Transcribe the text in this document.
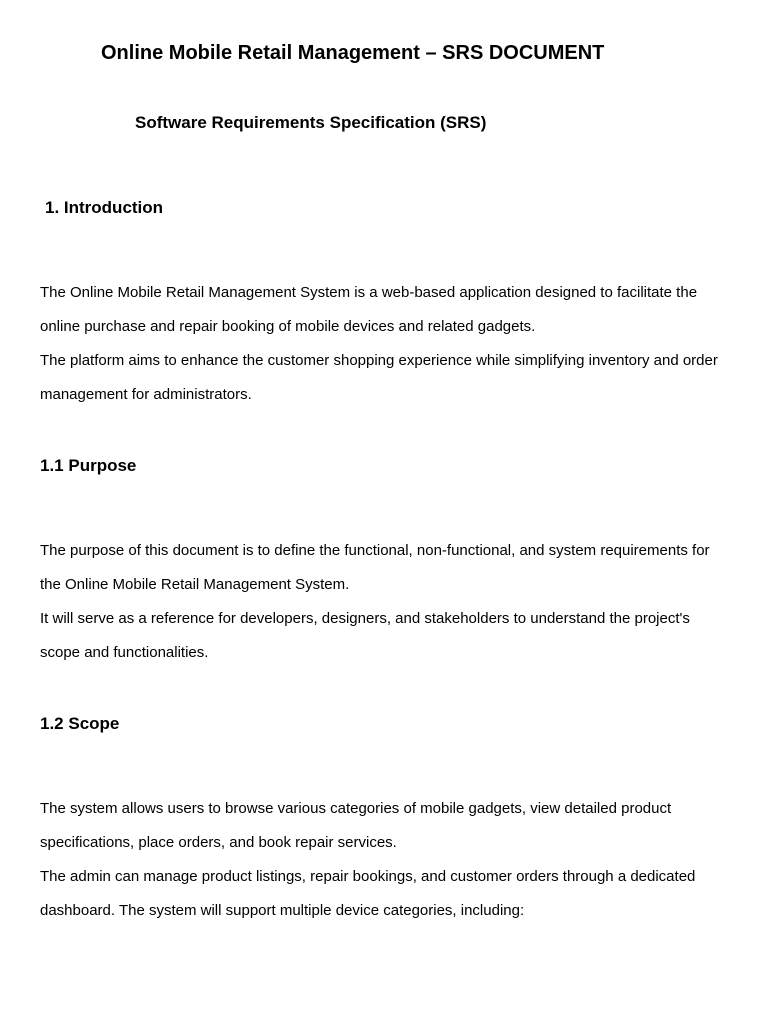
Online Mobile Retail Management – SRS DOCUMENT
Software Requirements Specification (SRS)
1. Introduction

The Online Mobile Retail Management System is a web-based application designed to facilitate the

online purchase and repair booking of mobile devices and related gadgets.

The platform aims to enhance the customer shopping experience while simplifying inventory and order

management for administrators.

1.1 Purpose

The purpose of this document is to define the functional, non-functional, and system requirements for

the Online Mobile Retail Management System.

It will serve as a reference for developers, designers, and stakeholders to understand the project's

scope and functionalities.

1.2 Scope

The system allows users to browse various categories of mobile gadgets, view detailed product

specifications, place orders, and book repair services.

The admin can manage product listings, repair bookings, and customer orders through a dedicated

dashboard. The system will support multiple device categories, including:
